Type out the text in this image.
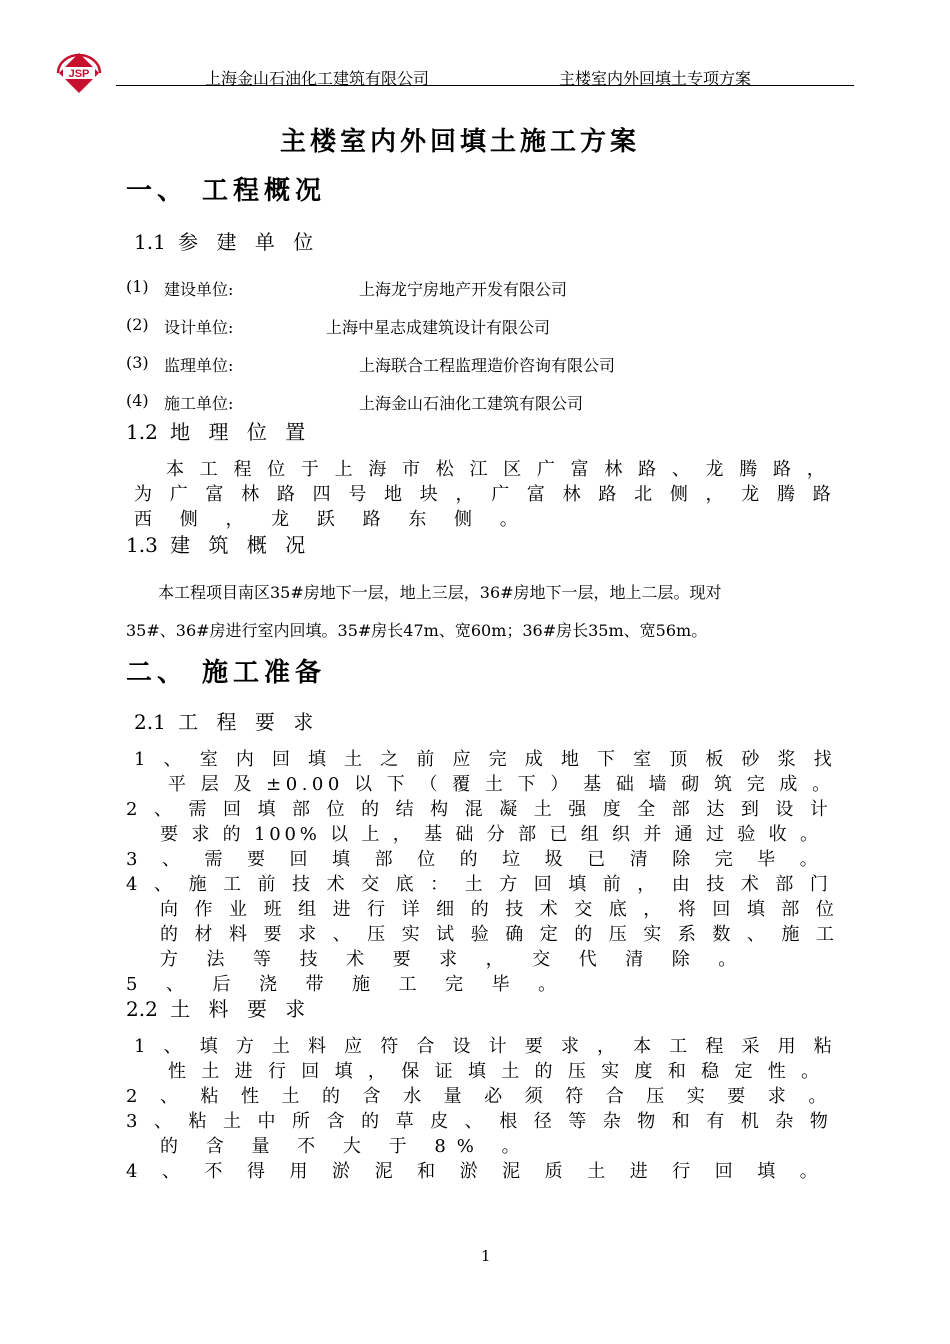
JSP	上海金山石油化工建筑有限公司	主楼室内外回填土专项方案
主楼室内外回填土施工方案
一、 工程概况
1.1 参 建 单 位
(1) 建设单位:	上海龙宁房地产开发有限公司
(2) 设计单位:	上海中星志成建筑设计有限公司
(3) 监理单位:	上海联合工程监理造价咨询有限公司
(4) 施工单位:	上海金山石油化工建筑有限公司
1.2 地 理 位 置
本 工 程 位 于 上 海 市 松 江 区 广 富 林 路 、 龙 腾 路 ，
为 广 富 林 路 四 号 地 块 ， 广 富 林 路 北 侧 ， 龙 腾 路
西 侧 ， 龙 跃 路 东 侧 。
1.3 建 筑 概 况
本工程项目南区35#房地下一层，地上三层，36#房地下一层，地上二层。现对
35#、36#房进行室内回填。35#房长47m、宽60m；36#房长35m、宽56m。
二、 施工准备
2.1 工 程 要 求
1 、 室 内 回 填 土 之 前 应 完 成 地 下 室 顶 板 砂 浆 找
平 层 及 ±0.00 以 下 （ 覆 土 下 ） 基 础 墙 砌 筑 完 成 。
2 、 需 回 填 部 位 的 结 构 混 凝 土 强 度 全 部 达 到 设 计
要 求 的 100% 以 上 ， 基 础 分 部 已 组 织 并 通 过 验 收 。
3 、 需 要 回 填 部 位 的 垃 圾 已 清 除 完 毕 。
4 、 施 工 前 技 术 交 底 ： 土 方 回 填 前 ， 由 技 术 部 门
向 作 业 班 组 进 行 详 细 的 技 术 交 底 ， 将 回 填 部 位
的 材 料 要 求 、 压 实 试 验 确 定 的 压 实 系 数 、 施 工
方 法 等 技 术 要 求 ， 交 代 清 除 。
5 、 后 浇 带 施 工 完 毕 。
2.2 土 料 要 求
1 、 填 方 土 料 应 符 合 设 计 要 求 ， 本 工 程 采 用 粘
性 土 进 行 回 填 ， 保 证 填 土 的 压 实 度 和 稳 定 性 。
2 、 粘 性 土 的 含 水 量 必 须 符 合 压 实 要 求 。
3 、 粘 土 中 所 含 的 草 皮 、 根 径 等 杂 物 和 有 机 杂 物
的 含 量 不 大 于 8% 。
4 、 不 得 用 淤 泥 和 淤 泥 质 土 进 行 回 填 。
1
